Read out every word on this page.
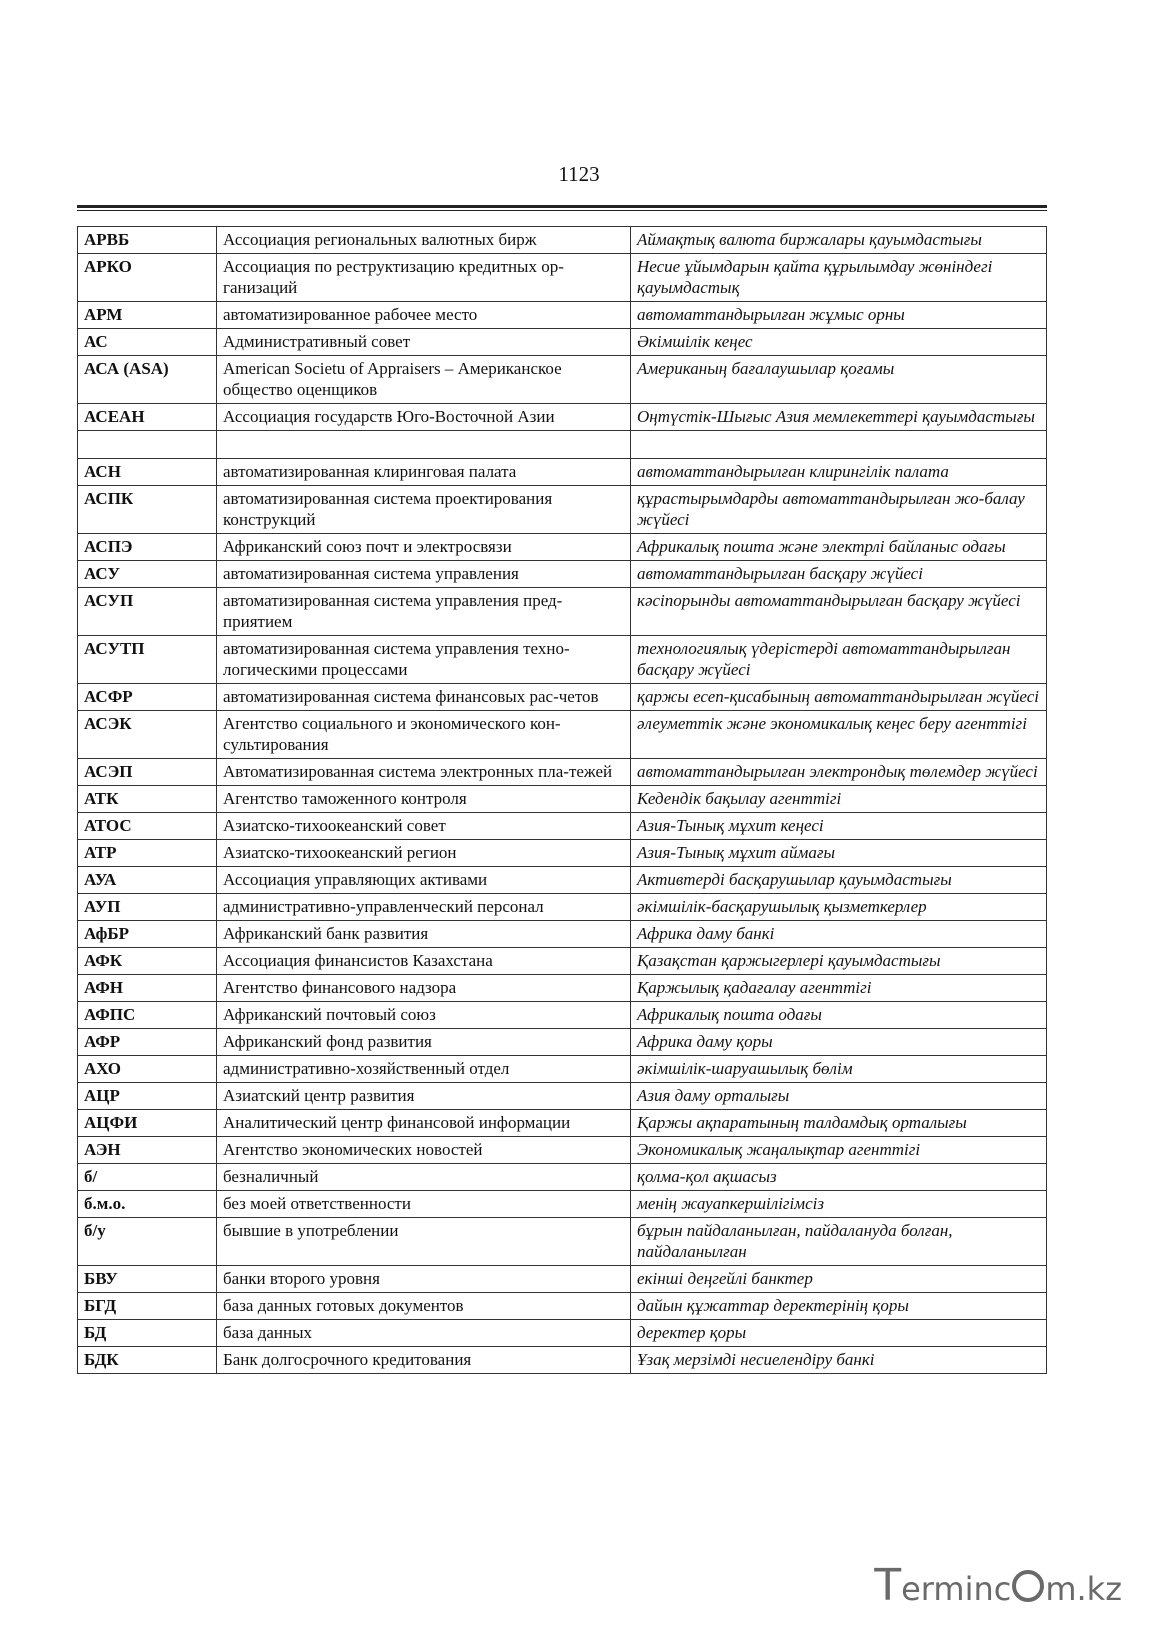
1123
АРВБ	Ассоциация региональных валютных бирж	Аймақтық валюта биржалары қауымдастығы
АРКО	Ассоциация по реструктизацию кредитных ор-ганизаций	Несие ұйымдарын қайта құрылымдау жөніндегі қауымдастық
АРМ	автоматизированное рабочее место	автоматтандырылған жұмыс орны
АС	Административный совет	Әкімшілік кеңес
АСА (ASA)	American Societu of Appraisers – Американское общество оценщиков	Американың бағалаушылар қоғамы
АСЕАН	Ассоциация государств Юго-Восточной Азии	Оңтүстік-Шығыс Азия мемлекеттері қауымдастығы

АСН	автоматизированная клиринговая палата	автоматтандырылған клирингілік палата
АСПК	автоматизированная система проектирования конструкций	құрастырымдарды автоматтандырылған жо-балау жүйесі
АСПЭ	Африканский союз почт и электросвязи	Африкалық пошта және электрлі байланыс одағы
АСУ	автоматизированная система управления	автоматтандырылған басқару жүйесі
АСУП	автоматизированная система управления пред-приятием	кәсіпорынды автоматтандырылған басқару жүйесі
АСУТП	автоматизированная система управления техно-логическими процессами	технологиялық үдерістерді автоматтандырылған басқару жүйесі
АСФР	автоматизированная система финансовых рас-четов	қаржы есеп-қисабының автоматтандырылған жүйесі
АСЭК	Агентство социального и экономического кон-сультирования	әлеуметтік және экономикалық кеңес беру агенттігі
АСЭП	Автоматизированная система электронных пла-тежей	автоматтандырылған электрондық төлемдер жүйесі
АТК	Агентство таможенного контроля	Кедендік бақылау агенттігі
АТОС	Азиатско-тихоокеанский совет	Азия-Тынық мұхит кеңесі
АТР	Азиатско-тихоокеанский регион	Азия-Тынық мұхит аймағы
АУА	Ассоциация управляющих активами	Активтерді басқарушылар қауымдастығы
АУП	административно-управленческий персонал	әкімшілік-басқарушылық қызметкерлер
АфБР	Африканский банк развития	Африка даму банкі
АФК	Ассоциация финансистов Казахстана	Қазақстан қаржыгерлері қауымдастығы
АФН	Агентство финансового надзора	Қаржылық қадағалау агенттігі
АФПС	Африканский почтовый союз	Африкалық пошта одағы
АФР	Африканский фонд развития	Африка даму қоры
АХО	административно-хозяйственный отдел	әкімшілік-шаруашылық бөлім
АЦР	Азиатский центр развития	Азия даму орталығы
АЦФИ	Аналитический центр финансовой информации	Қаржы ақпаратының талдамдық орталығы
АЭН	Агентство экономических новостей	Экономикалық жаңалықтар агенттігі
б/	безналичный	қолма-қол ақшасыз
б.м.о.	без моей ответственности	менің жауапкершілігімсіз
б/у	бывшие в употреблении	бұрын пайдаланылған, пайдалануда болған, пайдаланылған
БВУ	банки второго уровня	екінші деңгейлі банктер
БГД	база данных готовых документов	дайын құжаттар деректерінің қоры
БД	база данных	деректер қоры
БДК	Банк долгосрочного кредитования	Ұзақ мерзімді несиелендіру банкі
Terminc m.kz
